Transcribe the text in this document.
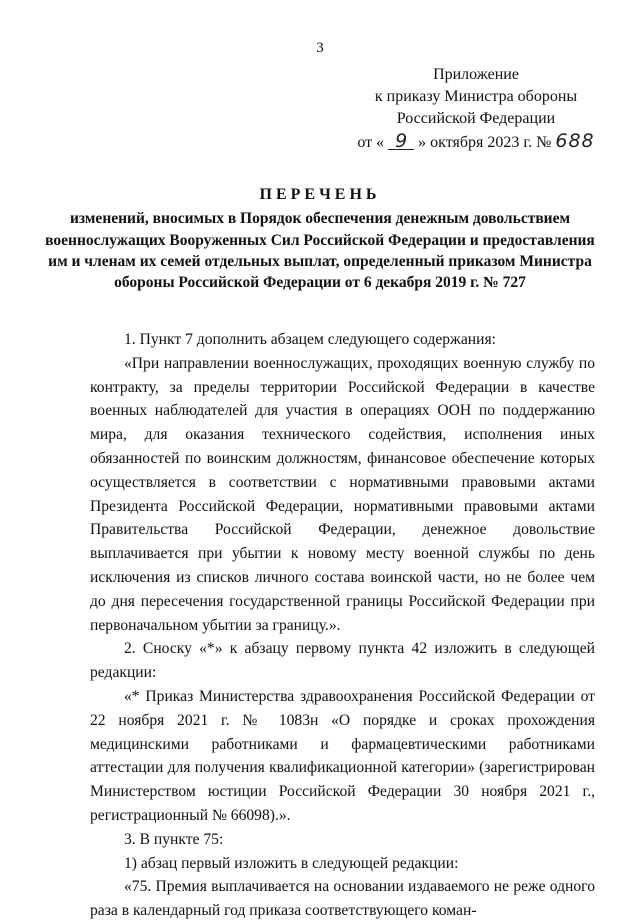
3
Приложение
к приказу Министра обороны
Российской Федерации
от « 9 » октября 2023 г. № 688
ПЕРЕЧЕНЬ
изменений, вносимых в Порядок обеспечения денежным довольствием военнослужащих Вооруженных Сил Российской Федерации и предоставления им и членам их семей отдельных выплат, определенный приказом Министра обороны Российской Федерации от 6 декабря 2019 г. № 727

1. Пункт 7 дополнить абзацем следующего содержания:

«При направлении военнослужащих, проходящих военную службу по контракту, за пределы территории Российской Федерации в качестве военных наблюдателей для участия в операциях ООН по поддержанию мира, для оказания технического содействия, исполнения иных обязанностей по воинским должностям, финансовое обеспечение которых осуществляется в соответствии с нормативными правовыми актами Президента Российской Федерации, нормативными правовыми актами Правительства Российской Федерации, денежное довольствие выплачивается при убытии к новому месту военной службы по день исключения из списков личного состава воинской части, но не более чем до дня пересечения государственной границы Российской Федерации при первоначальном убытии за границу.».

2. Сноску «*» к абзацу первому пункта 42 изложить в следующей редакции:

«* Приказ Министерства здравоохранения Российской Федерации от 22 ноября 2021 г. № 1083н «О порядке и сроках прохождения медицинскими работниками и фармацевтическими работниками аттестации для получения квалификационной категории» (зарегистрирован Министерством юстиции Российской Федерации 30 ноября 2021 г., регистрационный № 66098).».

3. В пункте 75:

1) абзац первый изложить в следующей редакции:

«75. Премия выплачивается на основании издаваемого не реже одного раза в календарный год приказа соответствующего коман-
